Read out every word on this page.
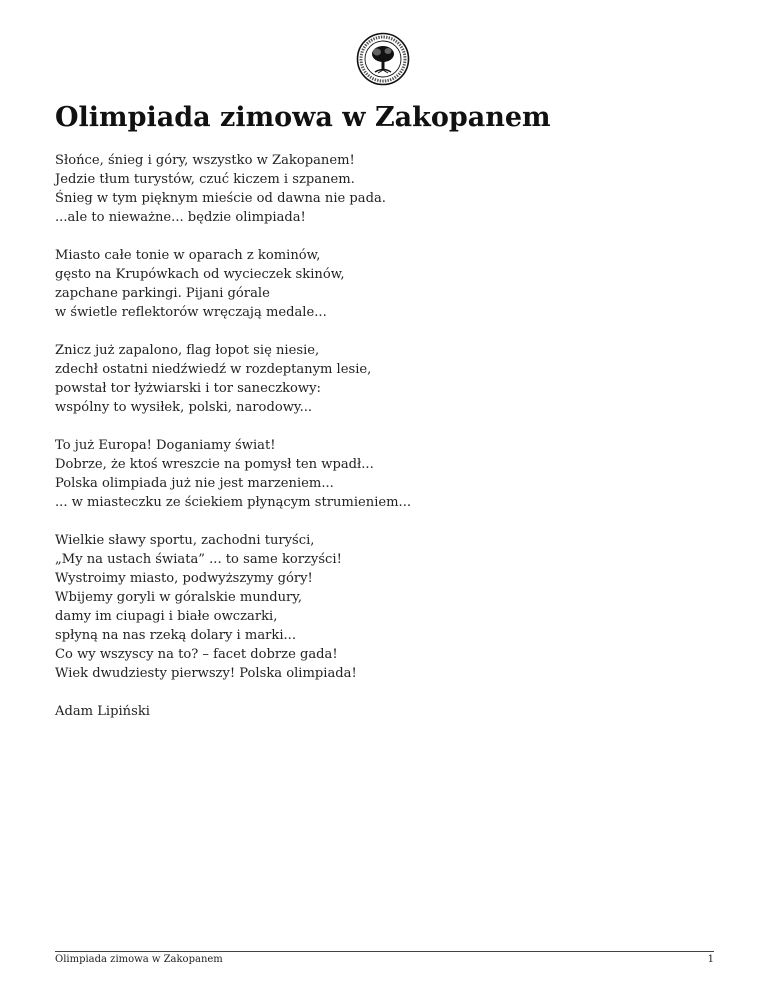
Olimpiada zimowa w Zakopanem

Słońce, śnieg i góry, wszystko w Zakopanem!
Jedzie tłum turystów, czuć kiczem i szpanem.
Śnieg w tym pięknym mieście od dawna nie pada.
...ale to nieważne... będzie olimpiada!

Miasto całe tonie w oparach z kominów,
gęsto na Krupówkach od wycieczek skinów,
zapchane parkingi. Pijani górale
w świetle reflektorów wręczają medale...

Znicz już zapalono, flag łopot się niesie,
zdechł ostatni niedźwiedź w rozdeptanym lesie,
powstał tor łyżwiarski i tor saneczkowy:
wspólny to wysiłek, polski, narodowy...

To już Europa! Doganiamy świat!
Dobrze, że ktoś wreszcie na pomysł ten wpadł...
Polska olimpiada już nie jest marzeniem...
... w miasteczku ze ściekiem płynącym strumieniem...

Wielkie sławy sportu, zachodni turyści,
„My na ustach świata” ... to same korzyści!
Wystroimy miasto, podwyższymy góry!
Wbijemy goryli w góralskie mundury,
damy im ciupagi i białe owczarki,
spłyną na nas rzeką dolary i marki...
Co wy wszyscy na to? – facet dobrze gada!
Wiek dwudziesty pierwszy! Polska olimpiada!

Adam Lipiński

Olimpiada zimowa w Zakopanem	1
